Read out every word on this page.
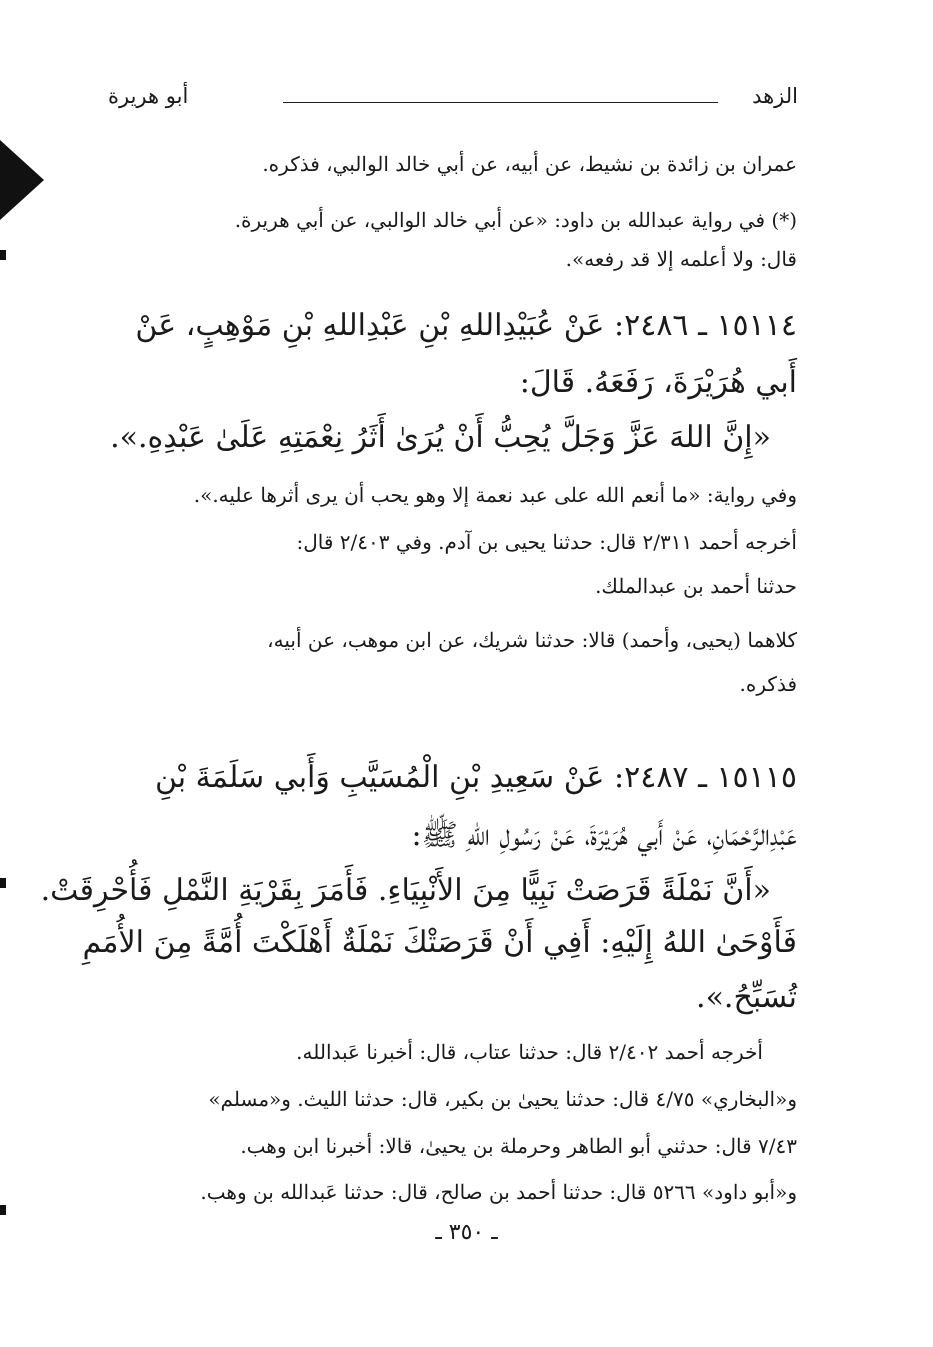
الزهد
أبو هريرة
عمران بن زائدة بن نشيط، عن أبيه، عن أبي خالد الوالبي، فذكره.
(*) في رواية عبدالله بن داود: «عن أبي خالد الوالبي، عن أبي هريرة.
قال: ولا أعلمه إلا قد رفعه».
١٥١١٤ ـ ٢٤٨٦: عَنْ عُبَيْدِاللهِ بْنِ عَبْدِاللهِ بْنِ مَوْهِبٍ، عَنْ
أَبي هُرَيْرَةَ، رَفَعَهُ. قَالَ:
«إِنَّ اللهَ عَزَّ وَجَلَّ يُحِبُّ أَنْ يُرَىٰ أَثَرُ نِعْمَتِهِ عَلَىٰ عَبْدِهِ.».
وفي رواية: «ما أنعم الله على عبد نعمة إلا وهو يحب أن يرى أثرها عليه.».
أخرجه أحمد ٢/٣١١ قال: حدثنا يحيى بن آدم. وفي ٢/٤٠٣ قال:
حدثنا أحمد بن عبدالملك.
كلاهما (يحيى، وأحمد) قالا: حدثنا شريك، عن ابن موهب، عن أبيه،
فذكره.
١٥١١٥ ـ ٢٤٨٧: عَنْ سَعِيدِ بْنِ الْمُسَيَّبِ وَأَبي سَلَمَةَ بْنِ
عَبْدِالرَّحْمَانِ، عَنْ أَبي هُرَيْرَةَ، عَنْ رَسُولِ اللهِ ﷺ:
«أَنَّ نَمْلَةً قَرَصَتْ نَبِيًّا مِنَ الأَنْبِيَاءِ. فَأَمَرَ بِقَرْيَةِ النَّمْلِ فَأُحْرِقَتْ.
فَأَوْحَىٰ اللهُ إِلَيْهِ: أَفِي أَنْ قَرَصَتْكَ نَمْلَةٌ أَهْلَكْتَ أُمَّةً مِنَ الأُمَمِ
تُسَبِّحُ.».
أخرجه أحمد ٢/٤٠٢ قال: حدثنا عتاب، قال: أخبرنا عَبدالله.
و«البخاري» ٤/٧٥ قال: حدثنا يحيىٰ بن بكير، قال: حدثنا الليث. و«مسلم»
٧/٤٣ قال: حدثني أبو الطاهر وحرملة بن يحيىٰ، قالا: أخبرنا ابن وهب.
و«أبو داود» ٥٢٦٦ قال: حدثنا أحمد بن صالح، قال: حدثنا عَبدالله بن وهب.
ـ ٣٥٠ ـ
